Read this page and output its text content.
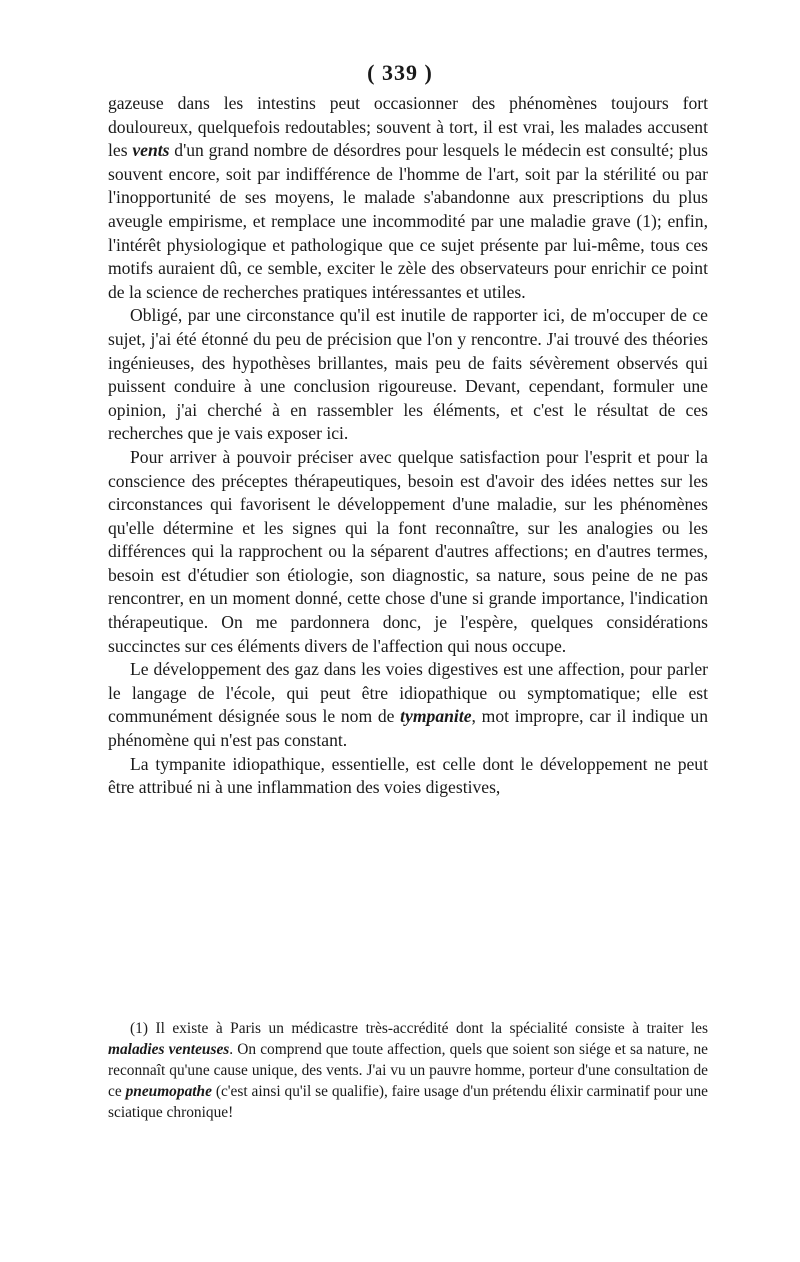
( 339 )

gazeuse dans les intestins peut occasionner des phénomènes toujours fort douloureux, quelquefois redoutables; souvent à tort, il est vrai, les malades accusent les vents d'un grand nombre de désordres pour lesquels le médecin est consulté; plus souvent encore, soit par indifférence de l'homme de l'art, soit par la stérilité ou par l'inopportunité de ses moyens, le malade s'abandonne aux prescriptions du plus aveugle empirisme, et remplace une incommodité par une maladie grave (1); enfin, l'intérêt physiologique et pathologique que ce sujet présente par lui-même, tous ces motifs auraient dû, ce semble, exciter le zèle des observateurs pour enrichir ce point de la science de recherches pratiques intéressantes et utiles.

Obligé, par une circonstance qu'il est inutile de rapporter ici, de m'occuper de ce sujet, j'ai été étonné du peu de précision que l'on y rencontre. J'ai trouvé des théories ingénieuses, des hypothèses brillantes, mais peu de faits sévèrement observés qui puissent conduire à une conclusion rigoureuse. Devant, cependant, formuler une opinion, j'ai cherché à en rassembler les éléments, et c'est le résultat de ces recherches que je vais exposer ici.

Pour arriver à pouvoir préciser avec quelque satisfaction pour l'esprit et pour la conscience des préceptes thérapeutiques, besoin est d'avoir des idées nettes sur les circonstances qui favorisent le développement d'une maladie, sur les phénomènes qu'elle détermine et les signes qui la font reconnaître, sur les analogies ou les différences qui la rapprochent ou la séparent d'autres affections; en d'autres termes, besoin est d'étudier son étiologie, son diagnostic, sa nature, sous peine de ne pas rencontrer, en un moment donné, cette chose d'une si grande importance, l'indication thérapeutique. On me pardonnera donc, je l'espère, quelques considérations succinctes sur ces éléments divers de l'affection qui nous occupe.

Le développement des gaz dans les voies digestives est une affection, pour parler le langage de l'école, qui peut être idiopathique ou symptomatique; elle est communément désignée sous le nom de tympanite, mot impropre, car il indique un phénomène qui n'est pas constant.

La tympanite idiopathique, essentielle, est celle dont le développement ne peut être attribué ni à une inflammation des voies digestives,

(1) Il existe à Paris un médicastre très-accrédité dont la spécialité consiste à traiter les maladies venteuses. On comprend que toute affection, quels que soient son siége et sa nature, ne reconnaît qu'une cause unique, des vents. J'ai vu un pauvre homme, porteur d'une consultation de ce pneumopathe (c'est ainsi qu'il se qualifie), faire usage d'un prétendu élixir carminatif pour une sciatique chronique!
